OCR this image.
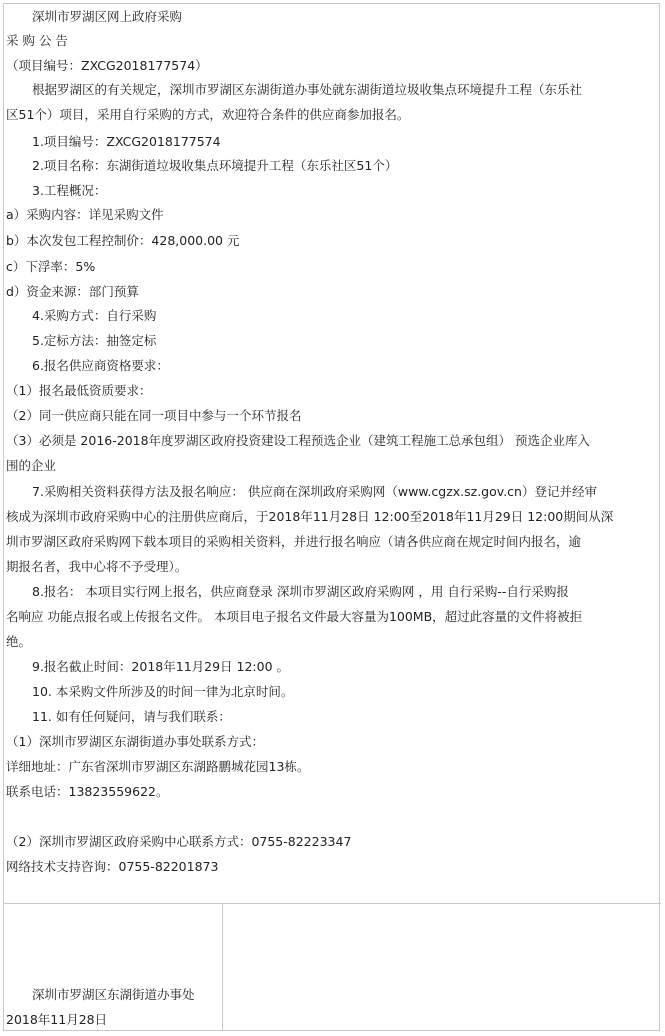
深圳市罗湖区网上政府采购
采 购 公 告
（项目编号：ZXCG2018177574）
根据罗湖区的有关规定，深圳市罗湖区东湖街道办事处就东湖街道垃圾收集点环境提升工程（东乐社
区51个）项目，采用自行采购的方式，欢迎符合条件的供应商参加报名。
1.项目编号：ZXCG2018177574
2.项目名称：东湖街道垃圾收集点环境提升工程（东乐社区51个）
3.工程概况：
a）采购内容：详见采购文件
b）本次发包工程控制价：428,000.00 元
c）下浮率：5%
d）资金来源：部门预算
4.采购方式：自行采购
5.定标方法：抽签定标
6.报名供应商资格要求：
（1）报名最低资质要求：
（2）同一供应商只能在同一项目中参与一个环节报名
（3）必须是 2016-2018年度罗湖区政府投资建设工程预选企业（建筑工程施工总承包组） 预选企业库入
围的企业
7.采购相关资料获得方法及报名响应： 供应商在深圳政府采购网（www.cgzx.sz.gov.cn）登记并经审
核成为深圳市政府采购中心的注册供应商后，于2018年11月28日 12:00至2018年11月29日 12:00期间从深
圳市罗湖区政府采购网下载本项目的采购相关资料，并进行报名响应（请各供应商在规定时间内报名，逾
期报名者，我中心将不予受理）。
8.报名： 本项目实行网上报名，供应商登录 深圳市罗湖区政府采购网 ，用 自行采购--自行采购报
名响应 功能点报名或上传报名文件。 本项目电子报名文件最大容量为100MB，超过此容量的文件将被拒
绝。
9.报名截止时间：2018年11月29日 12:00 。
10. 本采购文件所涉及的时间一律为北京时间。
11. 如有任何疑问，请与我们联系：
（1）深圳市罗湖区东湖街道办事处联系方式：
详细地址：广东省深圳市罗湖区东湖路鹏城花园13栋。
联系电话：13823559622。
（2）深圳市罗湖区政府采购中心联系方式：0755-82223347
网络技术支持咨询：0755-82201873
深圳市罗湖区东湖街道办事处
2018年11月28日
